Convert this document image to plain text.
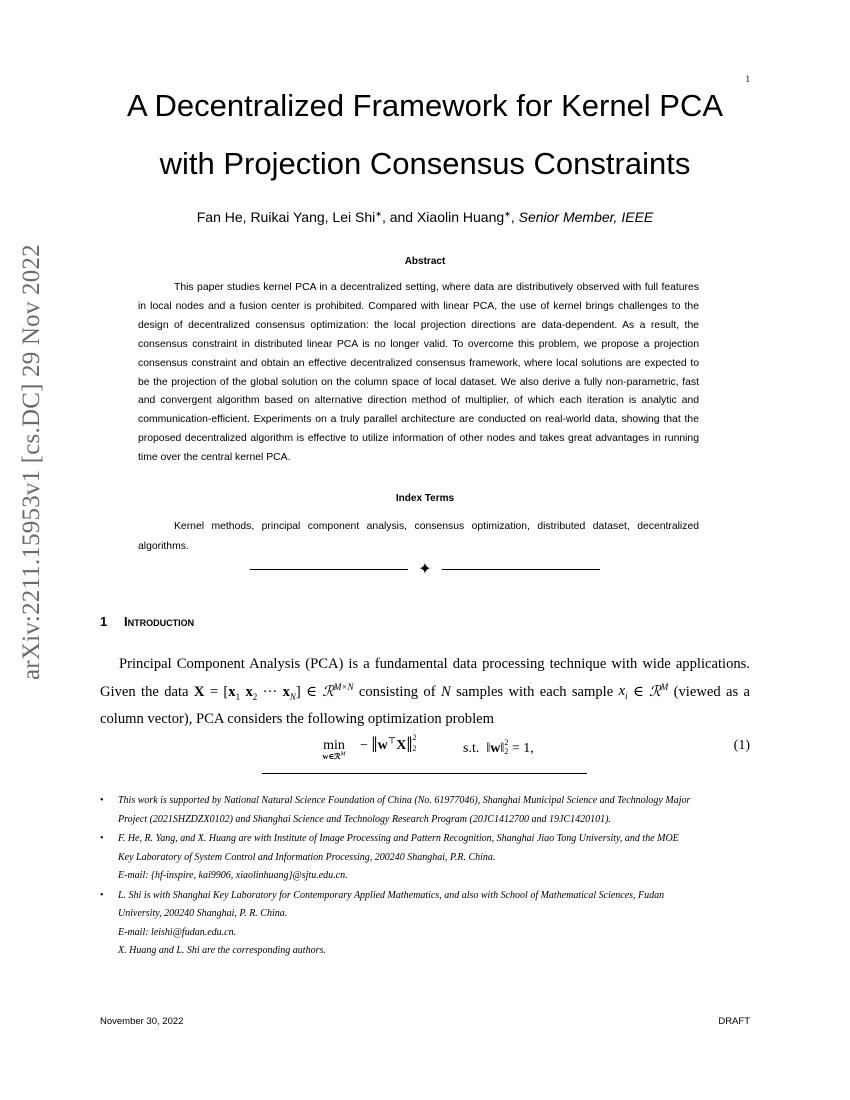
1
arXiv:2211.15953v1 [cs.DC] 29 Nov 2022
A Decentralized Framework for Kernel PCA
with Projection Consensus Constraints
Fan He, Ruikai Yang, Lei Shi∗, and Xiaolin Huang∗, Senior Member, IEEE
Abstract

This paper studies kernel PCA in a decentralized setting, where data are distributively observed with full features in local nodes and a fusion center is prohibited. Compared with linear PCA, the use of kernel brings challenges to the design of decentralized consensus optimization: the local projection directions are data-dependent. As a result, the consensus constraint in distributed linear PCA is no longer valid. To overcome this problem, we propose a projection consensus constraint and obtain an effective decentralized consensus framework, where local solutions are expected to be the projection of the global solution on the column space of local dataset. We also derive a fully non-parametric, fast and convergent algorithm based on alternative direction method of multiplier, of which each iteration is analytic and communication-efficient. Experiments on a truly parallel architecture are conducted on real-world data, showing that the proposed decentralized algorithm is effective to utilize information of other nodes and takes great advantages in running time over the central kernel PCA.

Index Terms

Kernel methods, principal component analysis, consensus optimization, distributed dataset, decentralized algorithms.

✦
1 Introduction

Principal Component Analysis (PCA) is a fundamental data processing technique with wide applications. Given the data $X = [x_1$ $x_2$ ··· $x_N$] ∈ ℛ$^{M\times N}$ consisting of N samples with each sample $x_i$ ∈ ℛ$^M$ (viewed as a column vector), PCA considers the following optimization problem

min
w∈ℛ$^M$
− ‖w⊤X‖ 2
2	s.t.  ‖w‖ 2
2 = 1,	(1)
• This work is supported by National Natural Science Foundation of China (No. 61977046), Shanghai Municipal Science and Technology Major
Project (2021SHZDZX0102) and Shanghai Science and Technology Research Program (20JC1412700 and 19JC1420101).
• F. He, R. Yang, and X. Huang are with Institute of Image Processing and Pattern Recognition, Shanghai Jiao Tong University, and the MOE
Key Laboratory of System Control and Information Processing, 200240 Shanghai, P.R. China.
E-mail: {hf-inspire, kai9906, xiaolinhuang}@sjtu.edu.cn.
• L. Shi is with Shanghai Key Laboratory for Contemporary Applied Mathematics, and also with School of Mathematical Sciences, Fudan
University, 200240 Shanghai, P. R. China.
E-mail: leishi@fudan.edu.cn.
X. Huang and L. Shi are the corresponding authors.
November 30, 2022	DRAFT
